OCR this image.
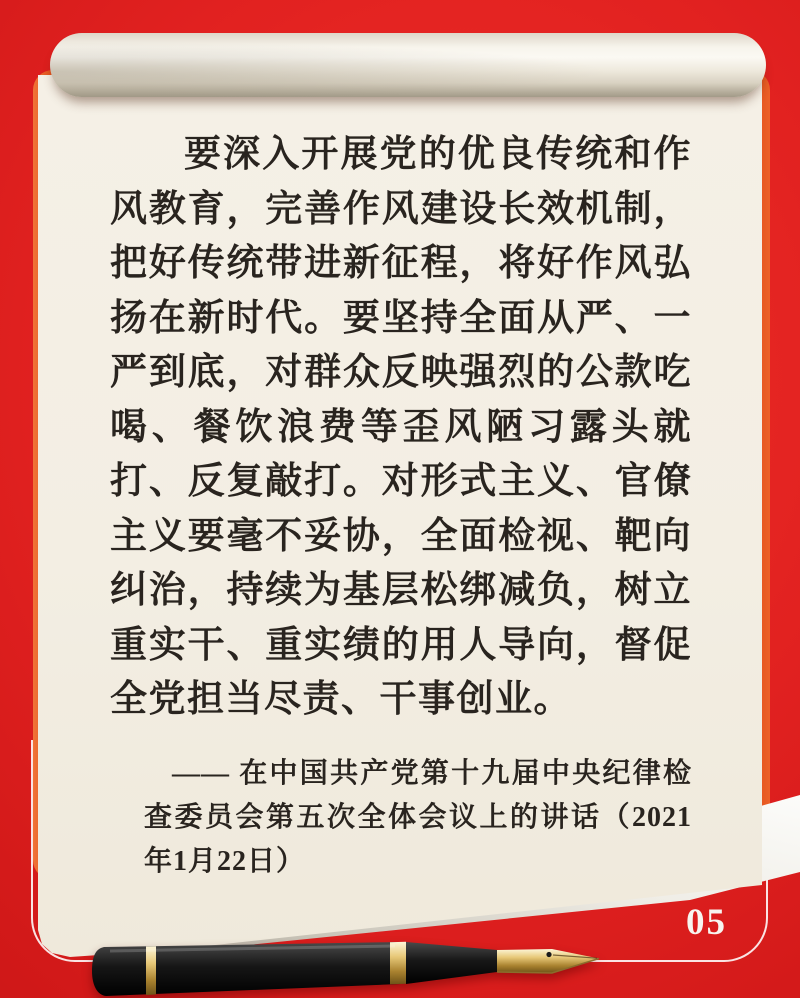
要深入开展党的优良传统和作
风教育，完善作风建设长效机制，
把好传统带进新征程，将好作风弘
扬在新时代。要坚持全面从严、一
严到底，对群众反映强烈的公款吃
喝、餐饮浪费等歪风陋习露头就
打、反复敲打。对形式主义、官僚
主义要毫不妥协，全面检视、靶向
纠治，持续为基层松绑减负，树立
重实干、重实绩的用人导向，督促
全党担当尽责、干事创业。
—— 在中国共产党第十九届中央纪律检
查委员会第五次全体会议上的讲话（2021
年1月22日）
05
